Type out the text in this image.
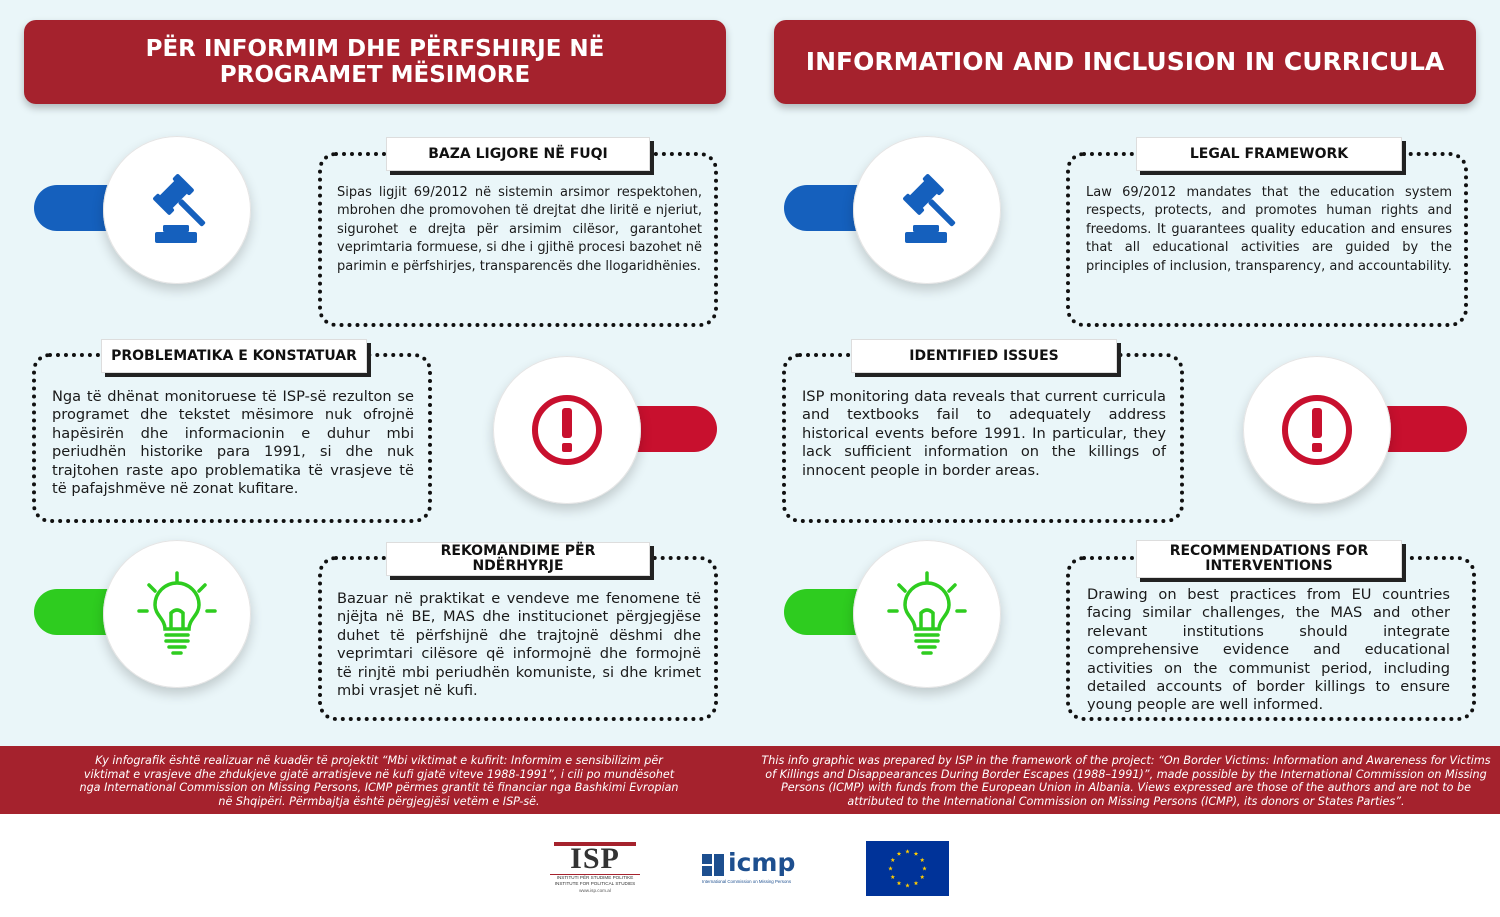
PËR INFORMIM DHE PËRFSHIRJE NË PROGRAMET MËSIMORE	INFORMATION AND INCLUSION IN CURRICULA
BAZA LIGJORE NË FUQI
Sipas ligjit 69/2012 në sistemin arsimor respektohen, mbrohen dhe promovohen të drejtat dhe liritë e njeriut, sigurohet e drejta për arsimim cilësor, garantohet veprimtaria formuese, si dhe i gjithë procesi bazohet në parimin e përfshirjes, transparencës dhe llogaridhënies.
PROBLEMATIKA E KONSTATUAR
Nga të dhënat monitoruese të ISP-së rezulton se programet dhe tekstet mësimore nuk ofrojnë hapësirën dhe informacionin e duhur mbi periudhën historike para 1991, si dhe nuk trajtohen raste apo problematika të vrasjeve të të pafajshmëve në zonat kufitare.
REKOMANDIME PËR NDËRHYRJE
Bazuar në praktikat e vendeve me fenomene të njëjta në BE, MAS dhe institucionet përgjegjëse duhet të përfshijnë dhe trajtojnë dëshmi dhe veprimtari cilësore që informojnë dhe formojnë të rinjtë mbi periudhën komuniste, si dhe krimet mbi vrasjet në kufi.
LEGAL FRAMEWORK
Law 69/2012 mandates that the education system respects, protects, and promotes human rights and freedoms. It guarantees quality education and ensures that all educational activities are guided by the principles of inclusion, transparency, and accountability.
IDENTIFIED ISSUES
ISP monitoring data reveals that current curricula and textbooks fail to adequately address historical events before 1991. In particular, they lack sufficient information on the killings of innocent people in border areas.
RECOMMENDATIONS FOR INTERVENTIONS
Drawing on best practices from EU countries facing similar challenges, the MAS and other relevant institutions should integrate comprehensive evidence and educational activities on the communist period, including detailed accounts of border killings to ensure young people are well informed.
Ky infografik është realizuar në kuadër të projektit “Mbi viktimat e kufirit: Informim e sensibilizim për viktimat e vrasjeve dhe zhdukjeve gjatë arratisjeve në kufi gjatë viteve 1988-1991”, i cili po mundësohet nga International Commission on Missing Persons, ICMP përmes grantit të financiar nga Bashkimi Evropian në Shqipëri. Përmbajtja është përgjegjësi vetëm e ISP-së.
This info graphic was prepared by ISP in the framework of the project: “On Border Victims: Information and Awareness for Victims of Killings and Disappearances During Border Escapes (1988–1991)”, made possible by the International Commission on Missing Persons (ICMP) with funds from the European Union in Albania. Views expressed are those of the authors and are not to be attributed to the International Commission on Missing Persons (ICMP), its donors or States Parties”.
ISP
INSTITUTI PËR STUDIME POLITIKE
INSTITUTE FOR POLITICAL STUDIES
www.isp.com.al
icmp
International Commission on Missing Persons
